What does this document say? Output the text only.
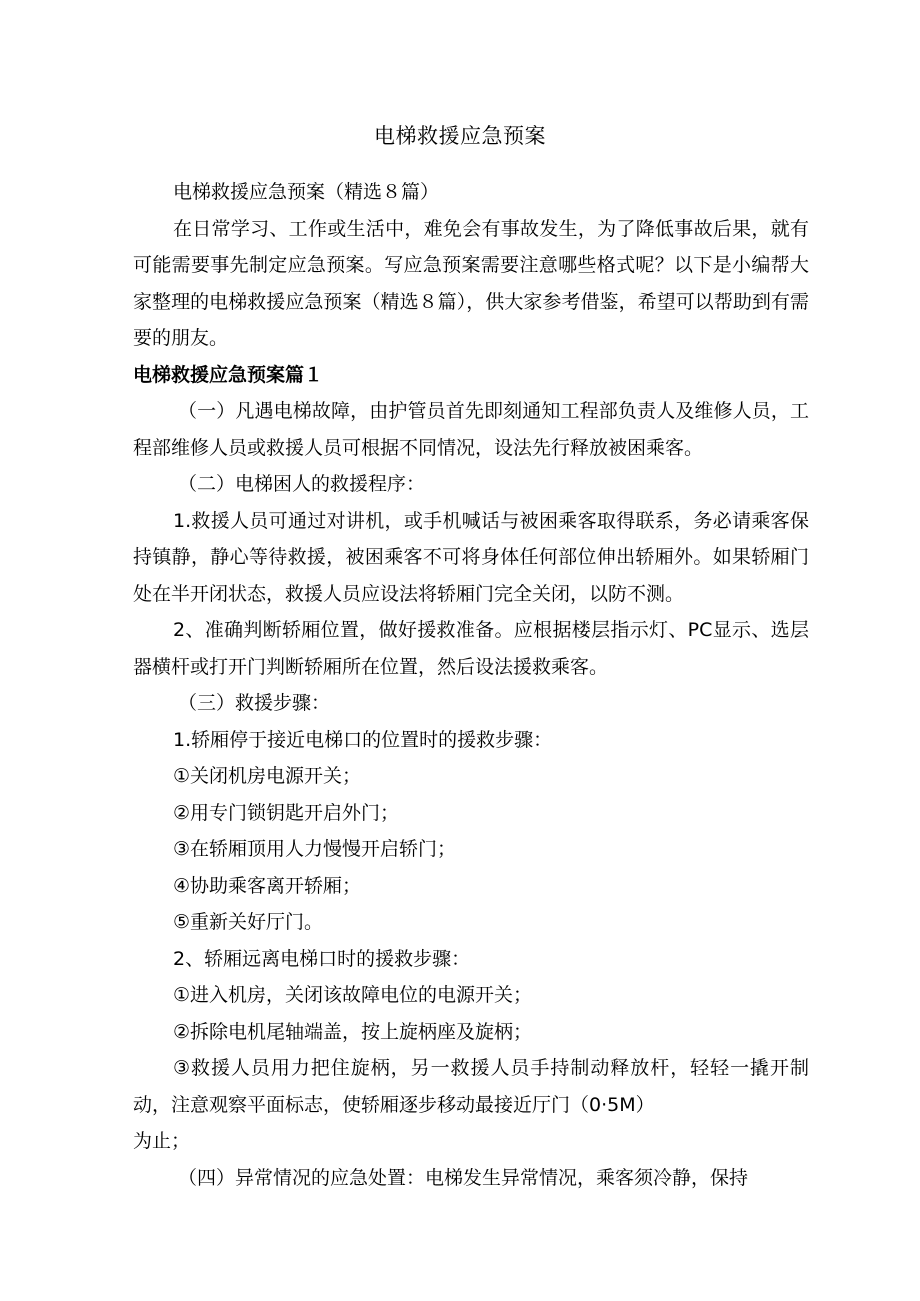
电梯救援应急预案

电梯救援应急预案（精选８篇）

在日常学习、工作或生活中，难免会有事故发生，为了降低事故后果，就有可能需要事先制定应急预案。写应急预案需要注意哪些格式呢？以下是小编帮大家整理的电梯救援应急预案（精选８篇），供大家参考借鉴，希望可以帮助到有需要的朋友。

电梯救援应急预案篇１

（一）凡遇电梯故障，由护管员首先即刻通知工程部负责人及维修人员，工程部维修人员或救援人员可根据不同情况，设法先行释放被困乘客。

（二）电梯困人的救援程序：

1.救援人员可通过对讲机，或手机喊话与被困乘客取得联系，务必请乘客保持镇静，静心等待救援，被困乘客不可将身体任何部位伸出轿厢外。如果轿厢门处在半开闭状态，救援人员应设法将轿厢门完全关闭，以防不测。

2、准确判断轿厢位置，做好援救准备。应根据楼层指示灯、PC显示、选层器横杆或打开门判断轿厢所在位置，然后设法援救乘客。

（三）救援步骤：

1.轿厢停于接近电梯口的位置时的援救步骤：

①关闭机房电源开关；

②用专门锁钥匙开启外门；

③在轿厢顶用人力慢慢开启轿门；

④协助乘客离开轿厢；

⑤重新关好厅门。

2、轿厢远离电梯口时的援救步骤：

①进入机房，关闭该故障电位的电源开关；

②拆除电机尾轴端盖，按上旋柄座及旋柄；

③救援人员用力把住旋柄，另一救援人员手持制动释放杆，轻轻一撬开制动，注意观察平面标志，使轿厢逐步移动最接近厅门（0·5M）

为止；

（四）异常情况的应急处置：电梯发生异常情况，乘客须冷静，保持
